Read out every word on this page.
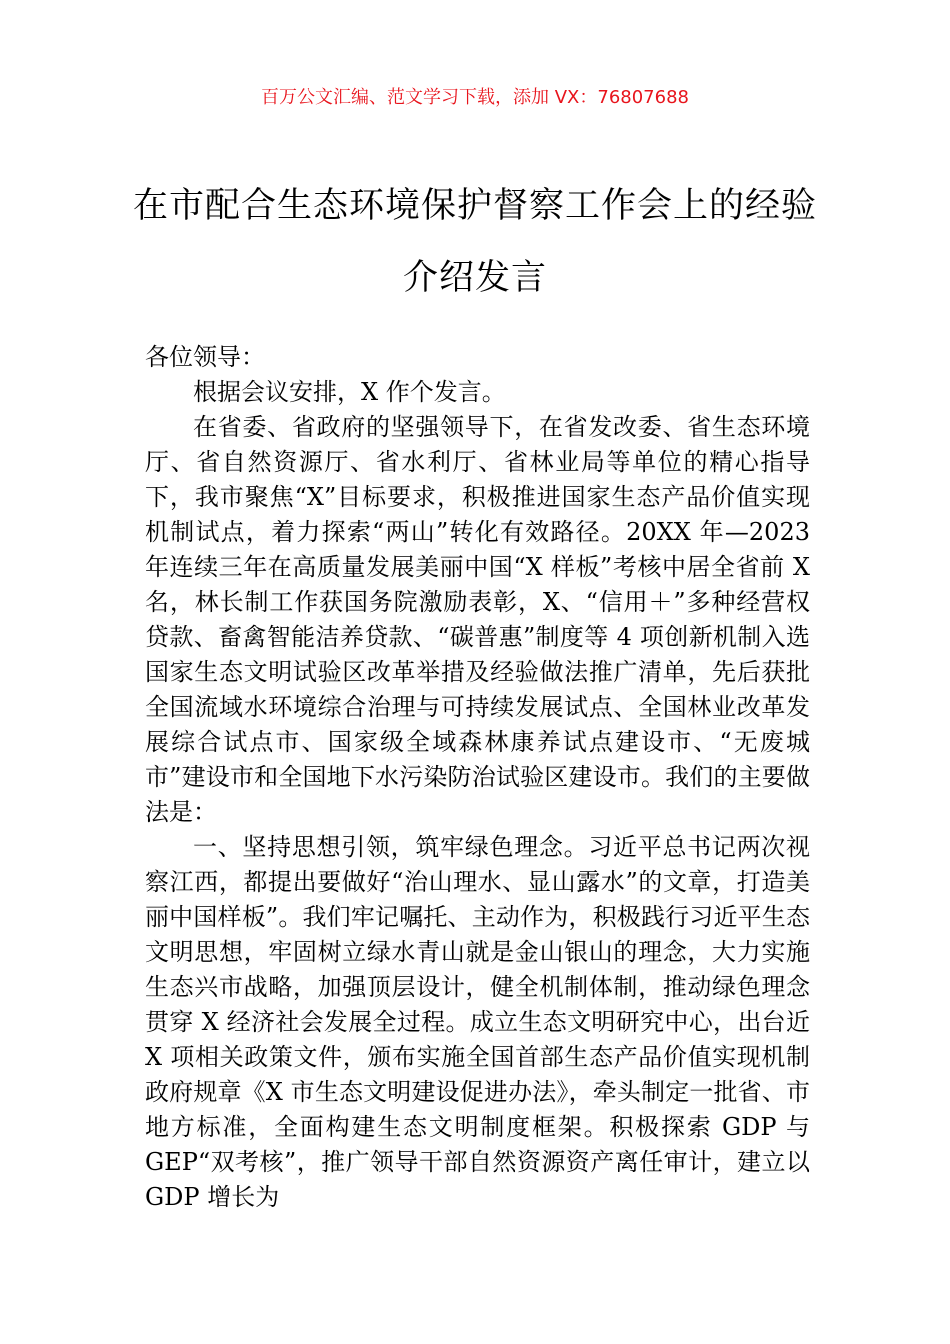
百万公文汇编、范文学习下载，添加 VX：76807688
在市配合生态环境保护督察工作会上的经验介绍发言

各位领导：

根据会议安排，X 作个发言。

在省委、省政府的坚强领导下，在省发改委、省生态环境厅、省自然资源厅、省水利厅、省林业局等单位的精心指导下，我市聚焦“X”目标要求，积极推进国家生态产品价值实现机制试点，着力探索“两山”转化有效路径。20XX 年—2023 年连续三年在高质量发展美丽中国“X 样板”考核中居全省前 X 名，林长制工作获国务院激励表彰，X、“信用＋”多种经营权贷款、畜禽智能洁养贷款、“碳普惠”制度等 4 项创新机制入选国家生态文明试验区改革举措及经验做法推广清单，先后获批全国流域水环境综合治理与可持续发展试点、全国林业改革发展综合试点市、国家级全域森林康养试点建设市、“无废城市”建设市和全国地下水污染防治试验区建设市。我们的主要做法是：

一、坚持思想引领，筑牢绿色理念。习近平总书记两次视察江西，都提出要做好“治山理水、显山露水”的文章，打造美丽中国样板”。我们牢记嘱托、主动作为，积极践行习近平生态文明思想，牢固树立绿水青山就是金山银山的理念，大力实施生态兴市战略，加强顶层设计，健全机制体制，推动绿色理念贯穿 X 经济社会发展全过程。成立生态文明研究中心，出台近 X 项相关政策文件，颁布实施全国首部生态产品价值实现机制政府规章《X 市生态文明建设促进办法》，牵头制定一批省、市地方标准，全面构建生态文明制度框架。积极探索 GDP 与 GEP“双考核”，推广领导干部自然资源资产离任审计，建立以 GDP 增长为
